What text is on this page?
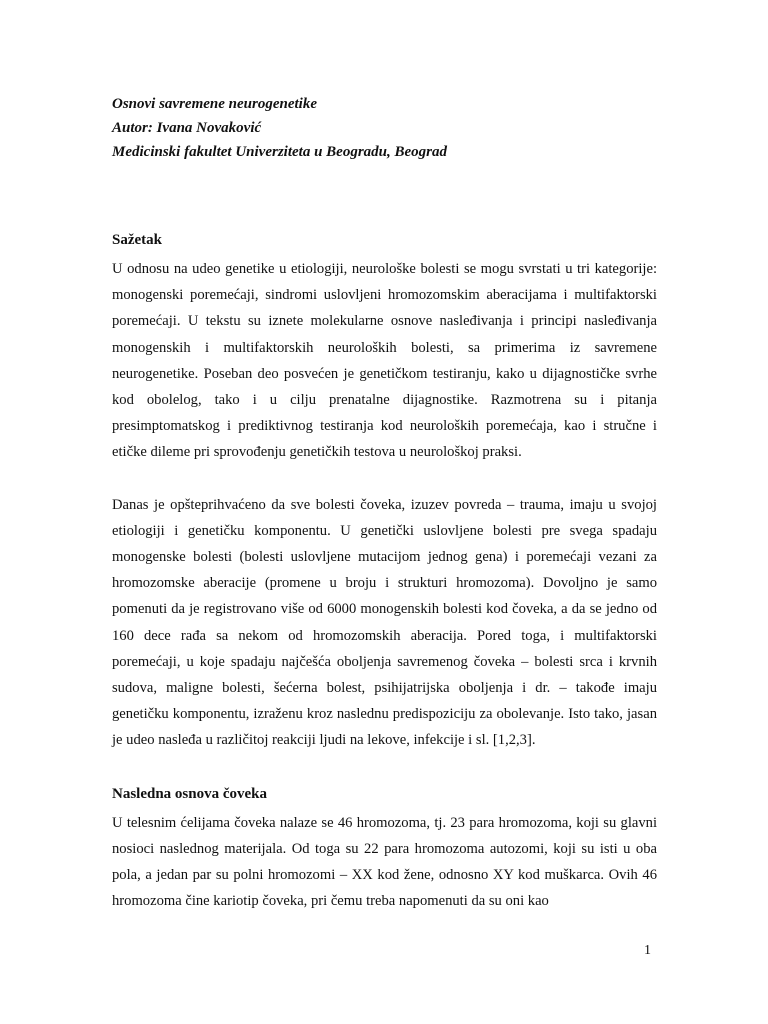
Osnovi savremene neurogenetike

Autor: Ivana Novaković

Medicinski fakultet Univerziteta u Beogradu, Beograd

Sažetak

U odnosu na udeo genetike u etiologiji, neurološke bolesti se mogu svrstati u tri kategorije: monogenski poremećaji, sindromi uslovljeni hromozomskim aberacijama i multifaktorski poremećaji. U tekstu su iznete molekularne osnove nasleđivanja i principi nasleđivanja monogenskih i multifaktorskih neuroloških bolesti, sa primerima iz savremene neurogenetike. Poseban deo posvećen je genetičkom testiranju, kako u dijagnostičke svrhe kod obolelog, tako i u cilju prenatalne dijagnostike. Razmotrena su i pitanja presimptomatskog i prediktivnog testiranja kod neuroloških poremećaja, kao i stručne i etičke dileme pri sprovođenju genetičkih testova u neurološkoj praksi.

Danas je opšteprihvaćeno da sve bolesti čoveka, izuzev povreda – trauma, imaju u svojoj etiologiji i genetičku komponentu. U genetički uslovljene bolesti pre svega spadaju monogenske bolesti (bolesti uslovljene mutacijom jednog gena) i poremećaji vezani za hromozomske aberacije (promene u broju i strukturi hromozoma). Dovoljno je samo pomenuti da je registrovano više od 6000 monogenskih bolesti kod čoveka, a da se jedno od 160 dece rađa sa nekom od hromozomskih aberacija. Pored toga, i multifaktorski poremećaji, u koje spadaju najčešća oboljenja savremenog čoveka – bolesti srca i krvnih sudova, maligne bolesti, šećerna bolest, psihijatrijska oboljenja i dr. – takođe imaju genetičku komponentu, izraženu kroz naslednu predispoziciju za obolevanje. Isto tako, jasan je udeo nasleđa u različitoj reakciji ljudi na lekove, infekcije i sl. [1,2,3].

Nasledna osnova čoveka

U telesnim ćelijama čoveka nalaze se 46 hromozoma, tj. 23 para hromozoma, koji su glavni nosioci naslednog materijala. Od toga su 22 para hromozoma autozomi, koji su isti u oba pola, a jedan par su polni hromozomi – XX kod žene, odnosno XY kod muškarca. Ovih 46 hromozoma čine kariotip čoveka, pri čemu treba napomenuti da su oni kao

1
